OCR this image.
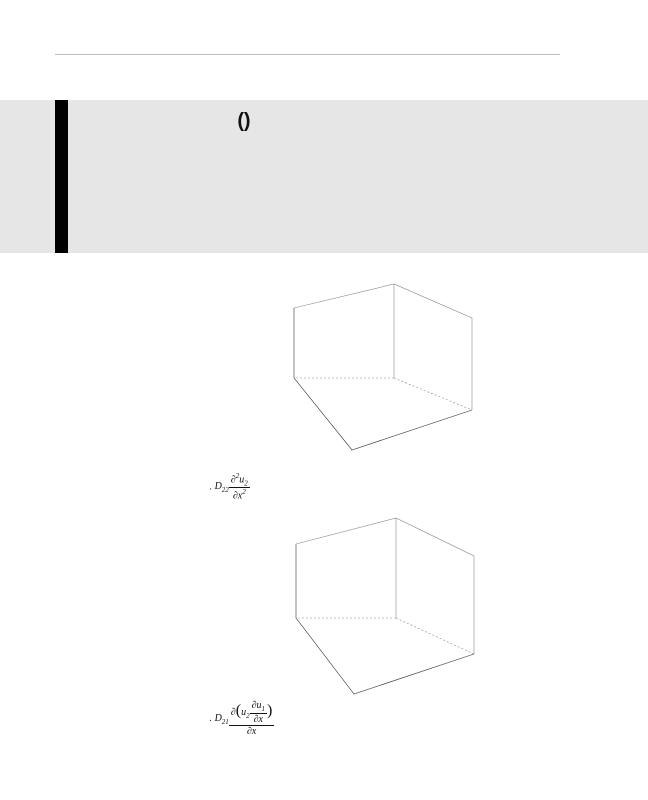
()
. $D_{22} \frac{\partial^2u_2}{\partial x^2}$
. $D_{21} \frac{\partial(u_2 \frac{\partial u_1}{\partial x} )}{\partial x}$
